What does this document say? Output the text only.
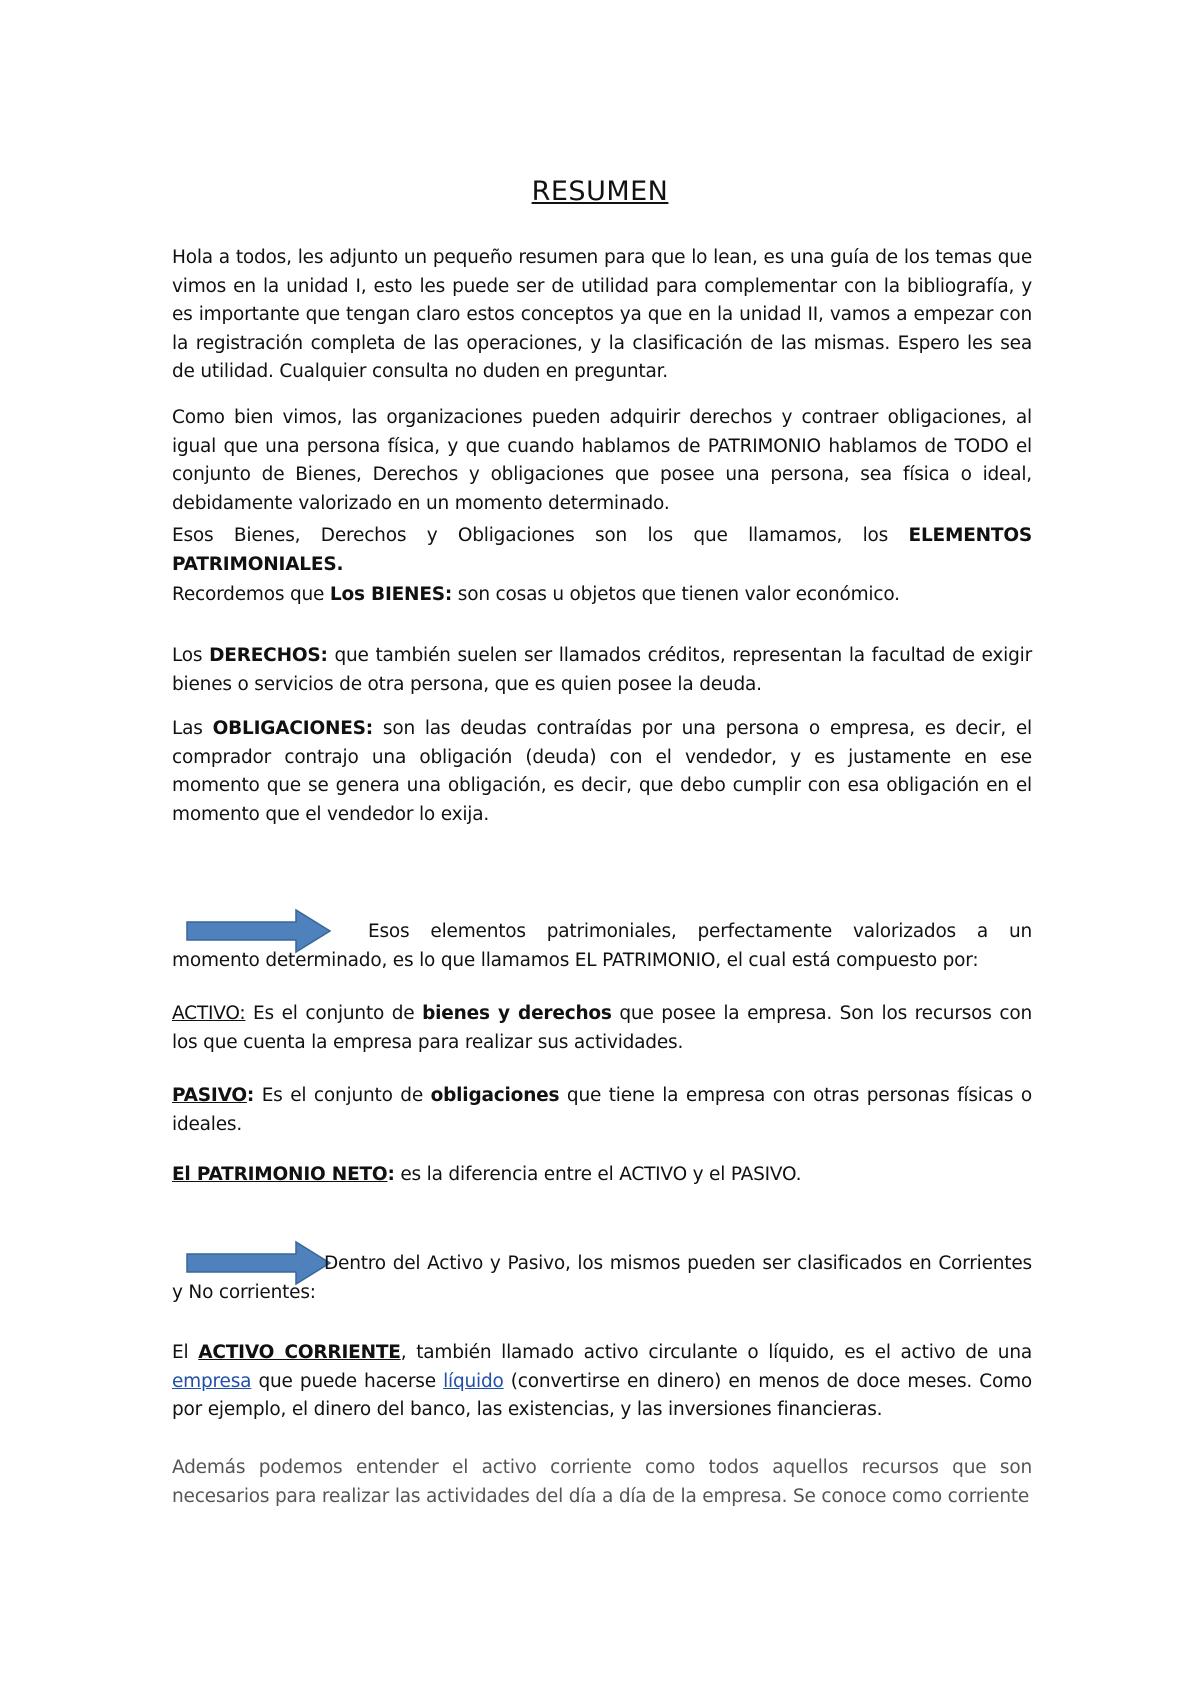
RESUMEN

Hola a todos, les adjunto un pequeño resumen para que lo lean, es una guía de los temas que vimos en la unidad I, esto les puede ser de utilidad para complementar con la bibliografía, y es importante que tengan claro estos conceptos ya que en la unidad II, vamos a empezar con la registración completa de las operaciones, y la clasificación de las mismas. Espero les sea de utilidad. Cualquier consulta no duden en preguntar.

Como bien vimos, las organizaciones pueden adquirir derechos y contraer obligaciones, al igual que una persona física, y que cuando hablamos de PATRIMONIO hablamos de TODO el conjunto de Bienes, Derechos y obligaciones que posee una persona, sea física o ideal, debidamente valorizado en un momento determinado.

Esos Bienes, Derechos y Obligaciones son los que llamamos, los ELEMENTOS PATRIMONIALES.

Recordemos que Los BIENES: son cosas u objetos que tienen valor económico.

Los DERECHOS: que también suelen ser llamados créditos, representan la facultad de exigir bienes o servicios de otra persona, que es quien posee la deuda.

Las OBLIGACIONES: son las deudas contraídas por una persona o empresa, es decir, el comprador contrajo una obligación (deuda) con el vendedor, y es justamente en ese momento que se genera una obligación, es decir, que debo cumplir con esa obligación en el momento que el vendedor lo exija.

Esos elementos patrimoniales, perfectamente valorizados a un momento determinado, es lo que llamamos EL PATRIMONIO, el cual está compuesto por:

ACTIVO: Es el conjunto de bienes y derechos que posee la empresa. Son los recursos con los que cuenta la empresa para realizar sus actividades.

PASIVO: Es el conjunto de obligaciones que tiene la empresa con otras personas físicas o ideales.

El PATRIMONIO NETO: es la diferencia entre el ACTIVO y el PASIVO.

Dentro del Activo y Pasivo, los mismos pueden ser clasificados en Corrientes y No corrientes:

El ACTIVO CORRIENTE, también llamado activo circulante o líquido, es el activo de una empresa que puede hacerse líquido (convertirse en dinero) en menos de doce meses. Como por ejemplo, el dinero del banco, las existencias, y las inversiones financieras.

Además podemos entender el activo corriente como todos aquellos recursos que son necesarios para realizar las actividades del día a día de la empresa. Se conoce como corriente
